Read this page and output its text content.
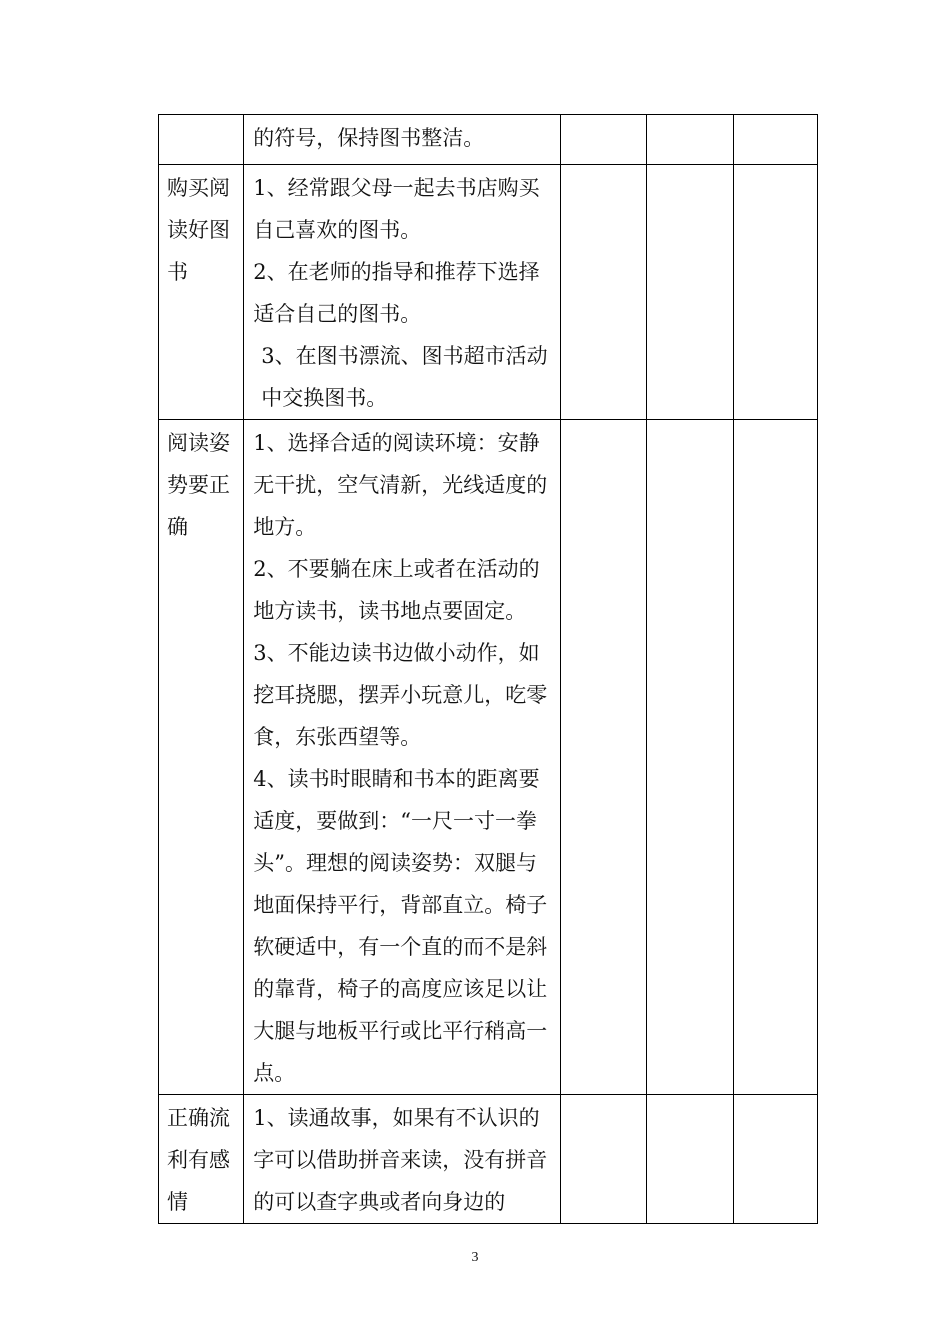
	的符号，保持图书整洁。			

购买阅读好图书	1、经常跟父母一起去书店购买自己喜欢的图书。
2、在老师的指导和推荐下选择适合自己的图书。
3、在图书漂流、图书超市活动中交换图书。			

阅读姿势要正确	1、选择合适的阅读环境：安静无干扰，空气清新，光线适度的地方。
2、不要躺在床上或者在活动的地方读书，读书地点要固定。
3、不能边读书边做小动作，如挖耳挠腮，摆弄小玩意儿，吃零食，东张西望等。
4、读书时眼睛和书本的距离要适度，要做到：“一尺一寸一拳头”。理想的阅读姿势：双腿与地面保持平行，背部直立。椅子软硬适中，有一个直的而不是斜的靠背，椅子的高度应该足以让大腿与地板平行或比平行稍高一点。			

正确流利有感情	1、读通故事，如果有不认识的字可以借助拼音来读，没有拼音的可以查字典或者向身边的			

3
